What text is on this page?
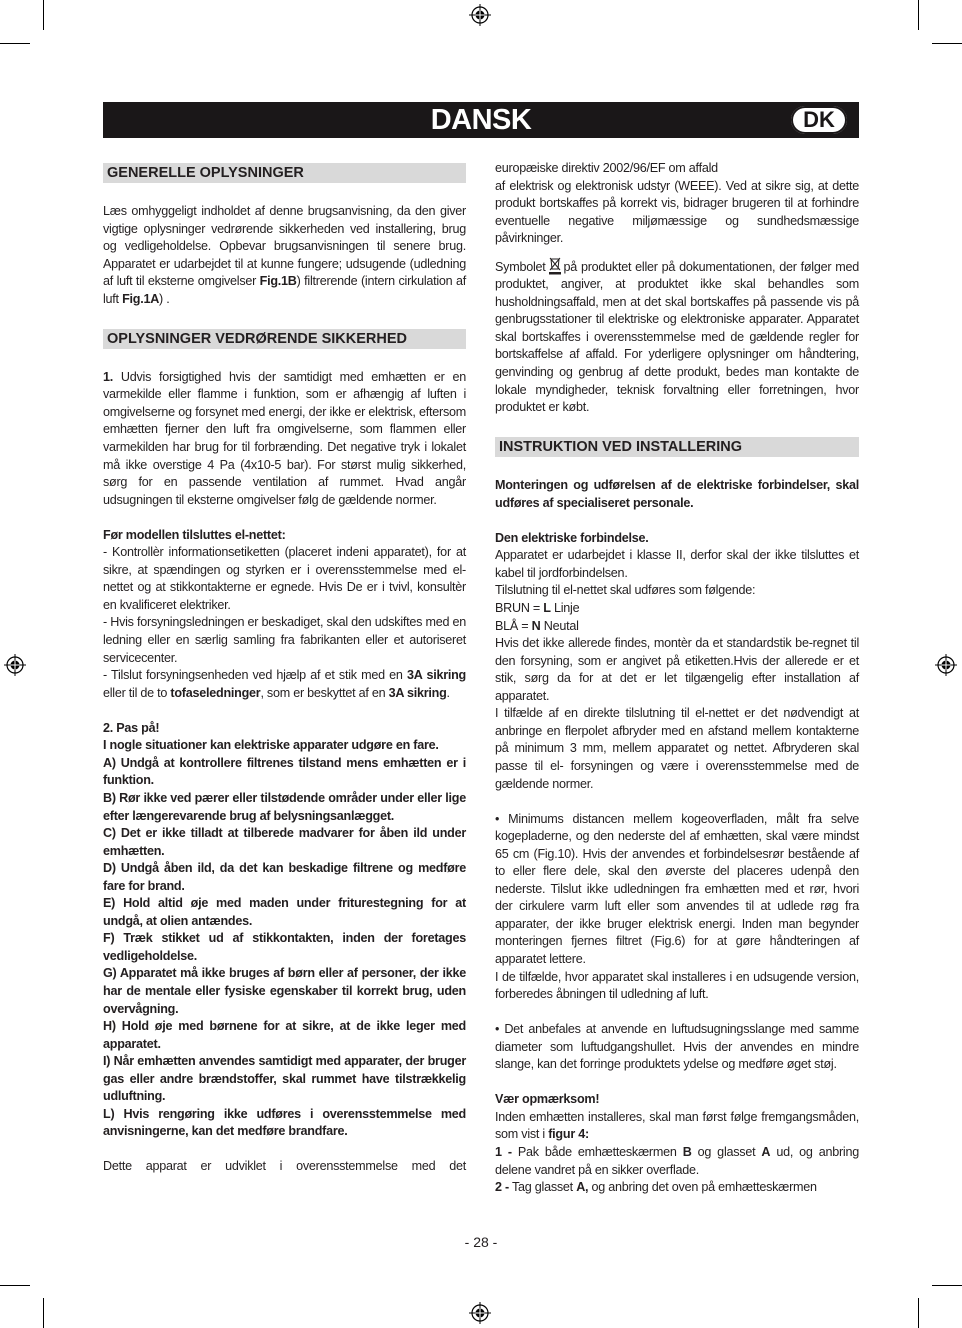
DANSK	DK
GENERELLE OPLYSNINGER
Læs omhyggeligt indholdet af denne brugsanvisning, da den giver vigtige oplysninger vedrørende sikkerheden ved installering, brug og vedligeholdelse. Opbevar brugsanvisningen til senere brug. Apparatet er udarbejdet til at kunne fungere; udsugende (udledning af luft til eksterne omgivelser Fig.1B) filtrerende (intern cirkulation af luft Fig.1A) .
OPLYSNINGER VEDRØRENDE SIKKERHED
1. Udvis forsigtighed hvis der samtidigt med emhætten er en varmekilde eller flamme i funktion, som er afhængig af luften i omgivelserne og forsynet med energi, der ikke er elektrisk, eftersom emhætten fjerner den luft fra omgivelserne, som flammen eller varmekilden har brug for til forbrænding. Det negative tryk i lokalet må ikke overstige 4 Pa (4x10-5 bar). For størst mulig sikkerhed, sørg for en passende ventilation af rummet. Hvad angår udsugningen til eksterne omgivelser følg de gældende normer.
Før modellen tilsluttes el-nettet:
- Kontrollèr informationsetiketten (placeret indeni apparatet), for at sikre, at spændingen og styrken er i overensstemmelse med el-nettet og at stikkontakterne er egnede. Hvis De er i tvivl, konsultèr en kvalificeret elektriker.
- Hvis forsyningsledningen er beskadiget, skal den udskiftes med en ledning eller en særlig samling fra fabrikanten eller et autoriseret servicecenter.
- Tilslut forsyningsenheden ved hjælp af et stik med en 3A sikring eller til de to tofaseledninger, som er beskyttet af en 3A sikring.
2. Pas på!
I nogle situationer kan elektriske apparater udgøre en fare.
A) Undgå at kontrollere filtrenes tilstand mens emhætten er i funktion.
B) Rør ikke ved pærer eller tilstødende områder under eller lige efter længerevarende brug af belysningsanlægget.
C) Det er ikke tilladt at tilberede madvarer for åben ild under emhætten.
D) Undgå åben ild, da det kan beskadige filtrene og medføre fare for brand.
E) Hold altid øje med maden under friturestegning for at undgå, at olien antændes.
F) Træk stikket ud af stikkontakten, inden der foretages vedligeholdelse.
G) Apparatet må ikke bruges af børn eller af personer, der ikke har de mentale eller fysiske egenskaber til korrekt brug, uden overvågning.
H) Hold øje med børnene for at sikre, at de ikke leger med apparatet.
I) Når emhætten anvendes samtidigt med apparater, der bruger gas eller andre brændstoffer, skal rummet have tilstrækkelig udluftning.
L) Hvis rengøring ikke udføres i overensstemmelse med anvisningerne, kan det medføre brandfare.
Dette apparat er udviklet i overensstemmelse med det
europæiske direktiv 2002/96/EF om affald
af elektrisk og elektronisk udstyr (WEEE). Ved at sikre sig, at dette produkt bortskaffes på korrekt vis, bidrager brugeren til at forhindre eventuelle negative miljømæssige og sundhedsmæssige påvirkninger.
Symbolet på produktet eller på dokumentationen, der følger med produktet, angiver, at produktet ikke skal behandles som husholdningsaffald, men at det skal bortskaffes på passende vis på genbrugsstationer til elektriske og elektroniske apparater. Apparatet skal bortskaffes i overensstemmelse med de gældende regler for bortskaffelse af affald. For yderligere oplysninger om håndtering, genvinding og genbrug af dette produkt, bedes man kontakte de lokale myndigheder, teknisk forvaltning eller forretningen, hvor produktet er købt.
INSTRUKTION VED INSTALLERING
Monteringen og udførelsen af de elektriske forbindelser, skal udføres af specialiseret personale.
Den elektriske forbindelse.
Apparatet er udarbejdet i klasse II, derfor skal der ikke tilsluttes et kabel til jordforbindelsen.
Tilslutning til el-nettet skal udføres som følgende:
BRUN = L Linje
BLÅ = N Neutal
Hvis det ikke allerede findes, montèr da et standardstik be-regnet til den forsyning, som er angivet på etiketten.Hvis der allerede er et stik, sørg da for at det er let tilgængelig efter installation af apparatet.
I tilfælde af en direkte tilslutning til el-nettet er det nødvendigt at anbringe en flerpolet afbryder med en afstand mellem kontakterne på minimum 3 mm, mellem apparatet og nettet. Afbryderen skal passe til el- forsyningen og være i overensstemmelse med de gældende normer.
• Minimums distancen mellem kogeoverfladen, målt fra selve kogepladerne, og den nederste del af emhætten, skal være mindst 65 cm (Fig.10). Hvis der anvendes et forbindelsesrør bestående af to eller flere dele, skal den øverste del placeres udenpå den nederste. Tilslut ikke udledningen fra emhætten med et rør, hvori der cirkulere varm luft eller som anvendes til at udlede røg fra apparater, der ikke bruger elektrisk energi. Inden man begynder monteringen fjernes filtret (Fig.6) for at gøre håndteringen af apparatet lettere.
I de tilfælde, hvor apparatet skal installeres i en udsugende version, forberedes åbningen til udledning af luft.
• Det anbefales at anvende en luftudsugningsslange med samme diameter som luftudgangshullet. Hvis der anvendes en mindre slange, kan det forringe produktets ydelse og medføre øget støj.
Vær opmærksom!
Inden emhætten installeres, skal man først følge fremgangsmåden, som vist i figur 4:
1 - Pak både emhætteskærmen B og glasset A ud, og anbring delene vandret på en sikker overflade.
2 - Tag glasset A, og anbring det oven på emhætteskærmen
- 28 -
